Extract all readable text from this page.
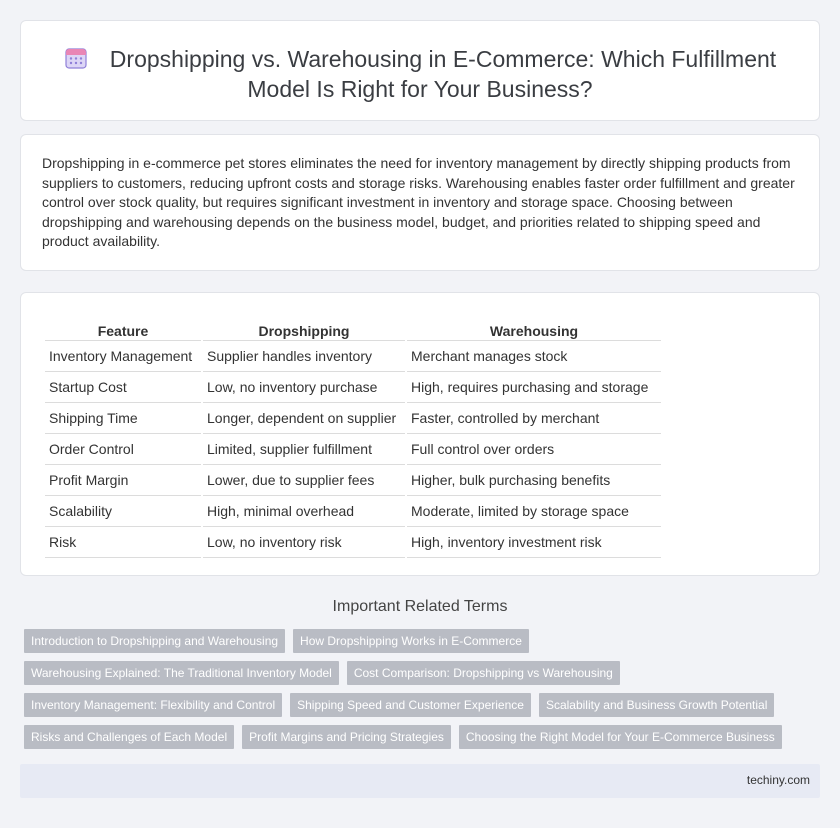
Dropshipping vs. Warehousing in E-Commerce: Which Fulfillment Model Is Right for Your Business?

Dropshipping in e-commerce pet stores eliminates the need for inventory management by directly shipping products from suppliers to customers, reducing upfront costs and storage risks. Warehousing enables faster order fulfillment and greater control over stock quality, but requires significant investment in inventory and storage space. Choosing between dropshipping and warehousing depends on the business model, budget, and priorities related to shipping speed and product availability.

Feature	Dropshipping	Warehousing
Inventory Management	Supplier handles inventory	Merchant manages stock
Startup Cost	Low, no inventory purchase	High, requires purchasing and storage
Shipping Time	Longer, dependent on supplier	Faster, controlled by merchant
Order Control	Limited, supplier fulfillment	Full control over orders
Profit Margin	Lower, due to supplier fees	Higher, bulk purchasing benefits
Scalability	High, minimal overhead	Moderate, limited by storage space
Risk	Low, no inventory risk	High, inventory investment risk
Important Related Terms
Introduction to Dropshipping and Warehousing	How Dropshipping Works in E-Commerce
Warehousing Explained: The Traditional Inventory Model	Cost Comparison: Dropshipping vs Warehousing
Inventory Management: Flexibility and Control	Shipping Speed and Customer Experience	Scalability and Business Growth Potential
Risks and Challenges of Each Model	Profit Margins and Pricing Strategies	Choosing the Right Model for Your E-Commerce Business
techiny.com
